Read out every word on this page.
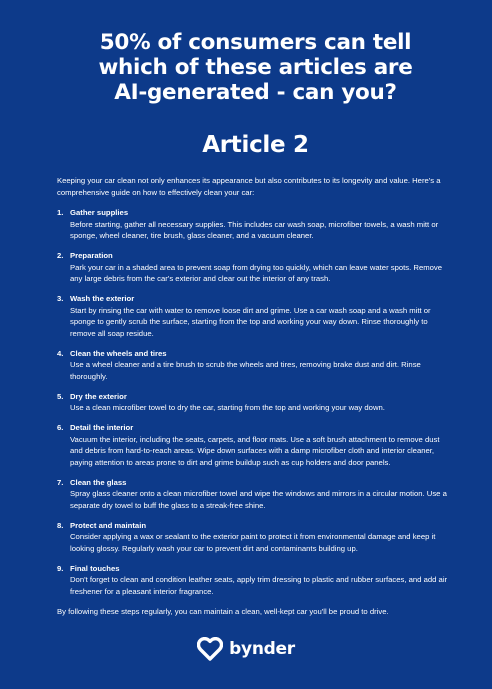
50% of consumers can tell
which of these articles are
AI-generated - can you?
Article 2

Keeping your car clean not only enhances its appearance but also contributes to its longevity and value. Here's a comprehensive guide on how to effectively clean your car:

1. Gather supplies
Before starting, gather all necessary supplies. This includes car wash soap, microfiber towels, a wash mitt or sponge, wheel cleaner, tire brush, glass cleaner, and a vacuum cleaner.
2. Preparation
Park your car in a shaded area to prevent soap from drying too quickly, which can leave water spots. Remove any large debris from the car's exterior and clear out the interior of any trash.
3. Wash the exterior
Start by rinsing the car with water to remove loose dirt and grime. Use a car wash soap and a wash mitt or sponge to gently scrub the surface, starting from the top and working your way down. Rinse thoroughly to remove all soap residue.
4. Clean the wheels and tires
Use a wheel cleaner and a tire brush to scrub the wheels and tires, removing brake dust and dirt. Rinse thoroughly.
5. Dry the exterior
Use a clean microfiber towel to dry the car, starting from the top and working your way down.
6. Detail the interior
Vacuum the interior, including the seats, carpets, and floor mats. Use a soft brush attachment to remove dust and debris from hard-to-reach areas. Wipe down surfaces with a damp microfiber cloth and interior cleaner, paying attention to areas prone to dirt and grime buildup such as cup holders and door panels.
7. Clean the glass
Spray glass cleaner onto a clean microfiber towel and wipe the windows and mirrors in a circular motion. Use a separate dry towel to buff the glass to a streak-free shine.
8. Protect and maintain
Consider applying a wax or sealant to the exterior paint to protect it from environmental damage and keep it looking glossy. Regularly wash your car to prevent dirt and contaminants building up.
9. Final touches
Don't forget to clean and condition leather seats, apply trim dressing to plastic and rubber surfaces, and add air freshener for a pleasant interior fragrance.

By following these steps regularly, you can maintain a clean, well-kept car you'll be proud to drive.

bynder
